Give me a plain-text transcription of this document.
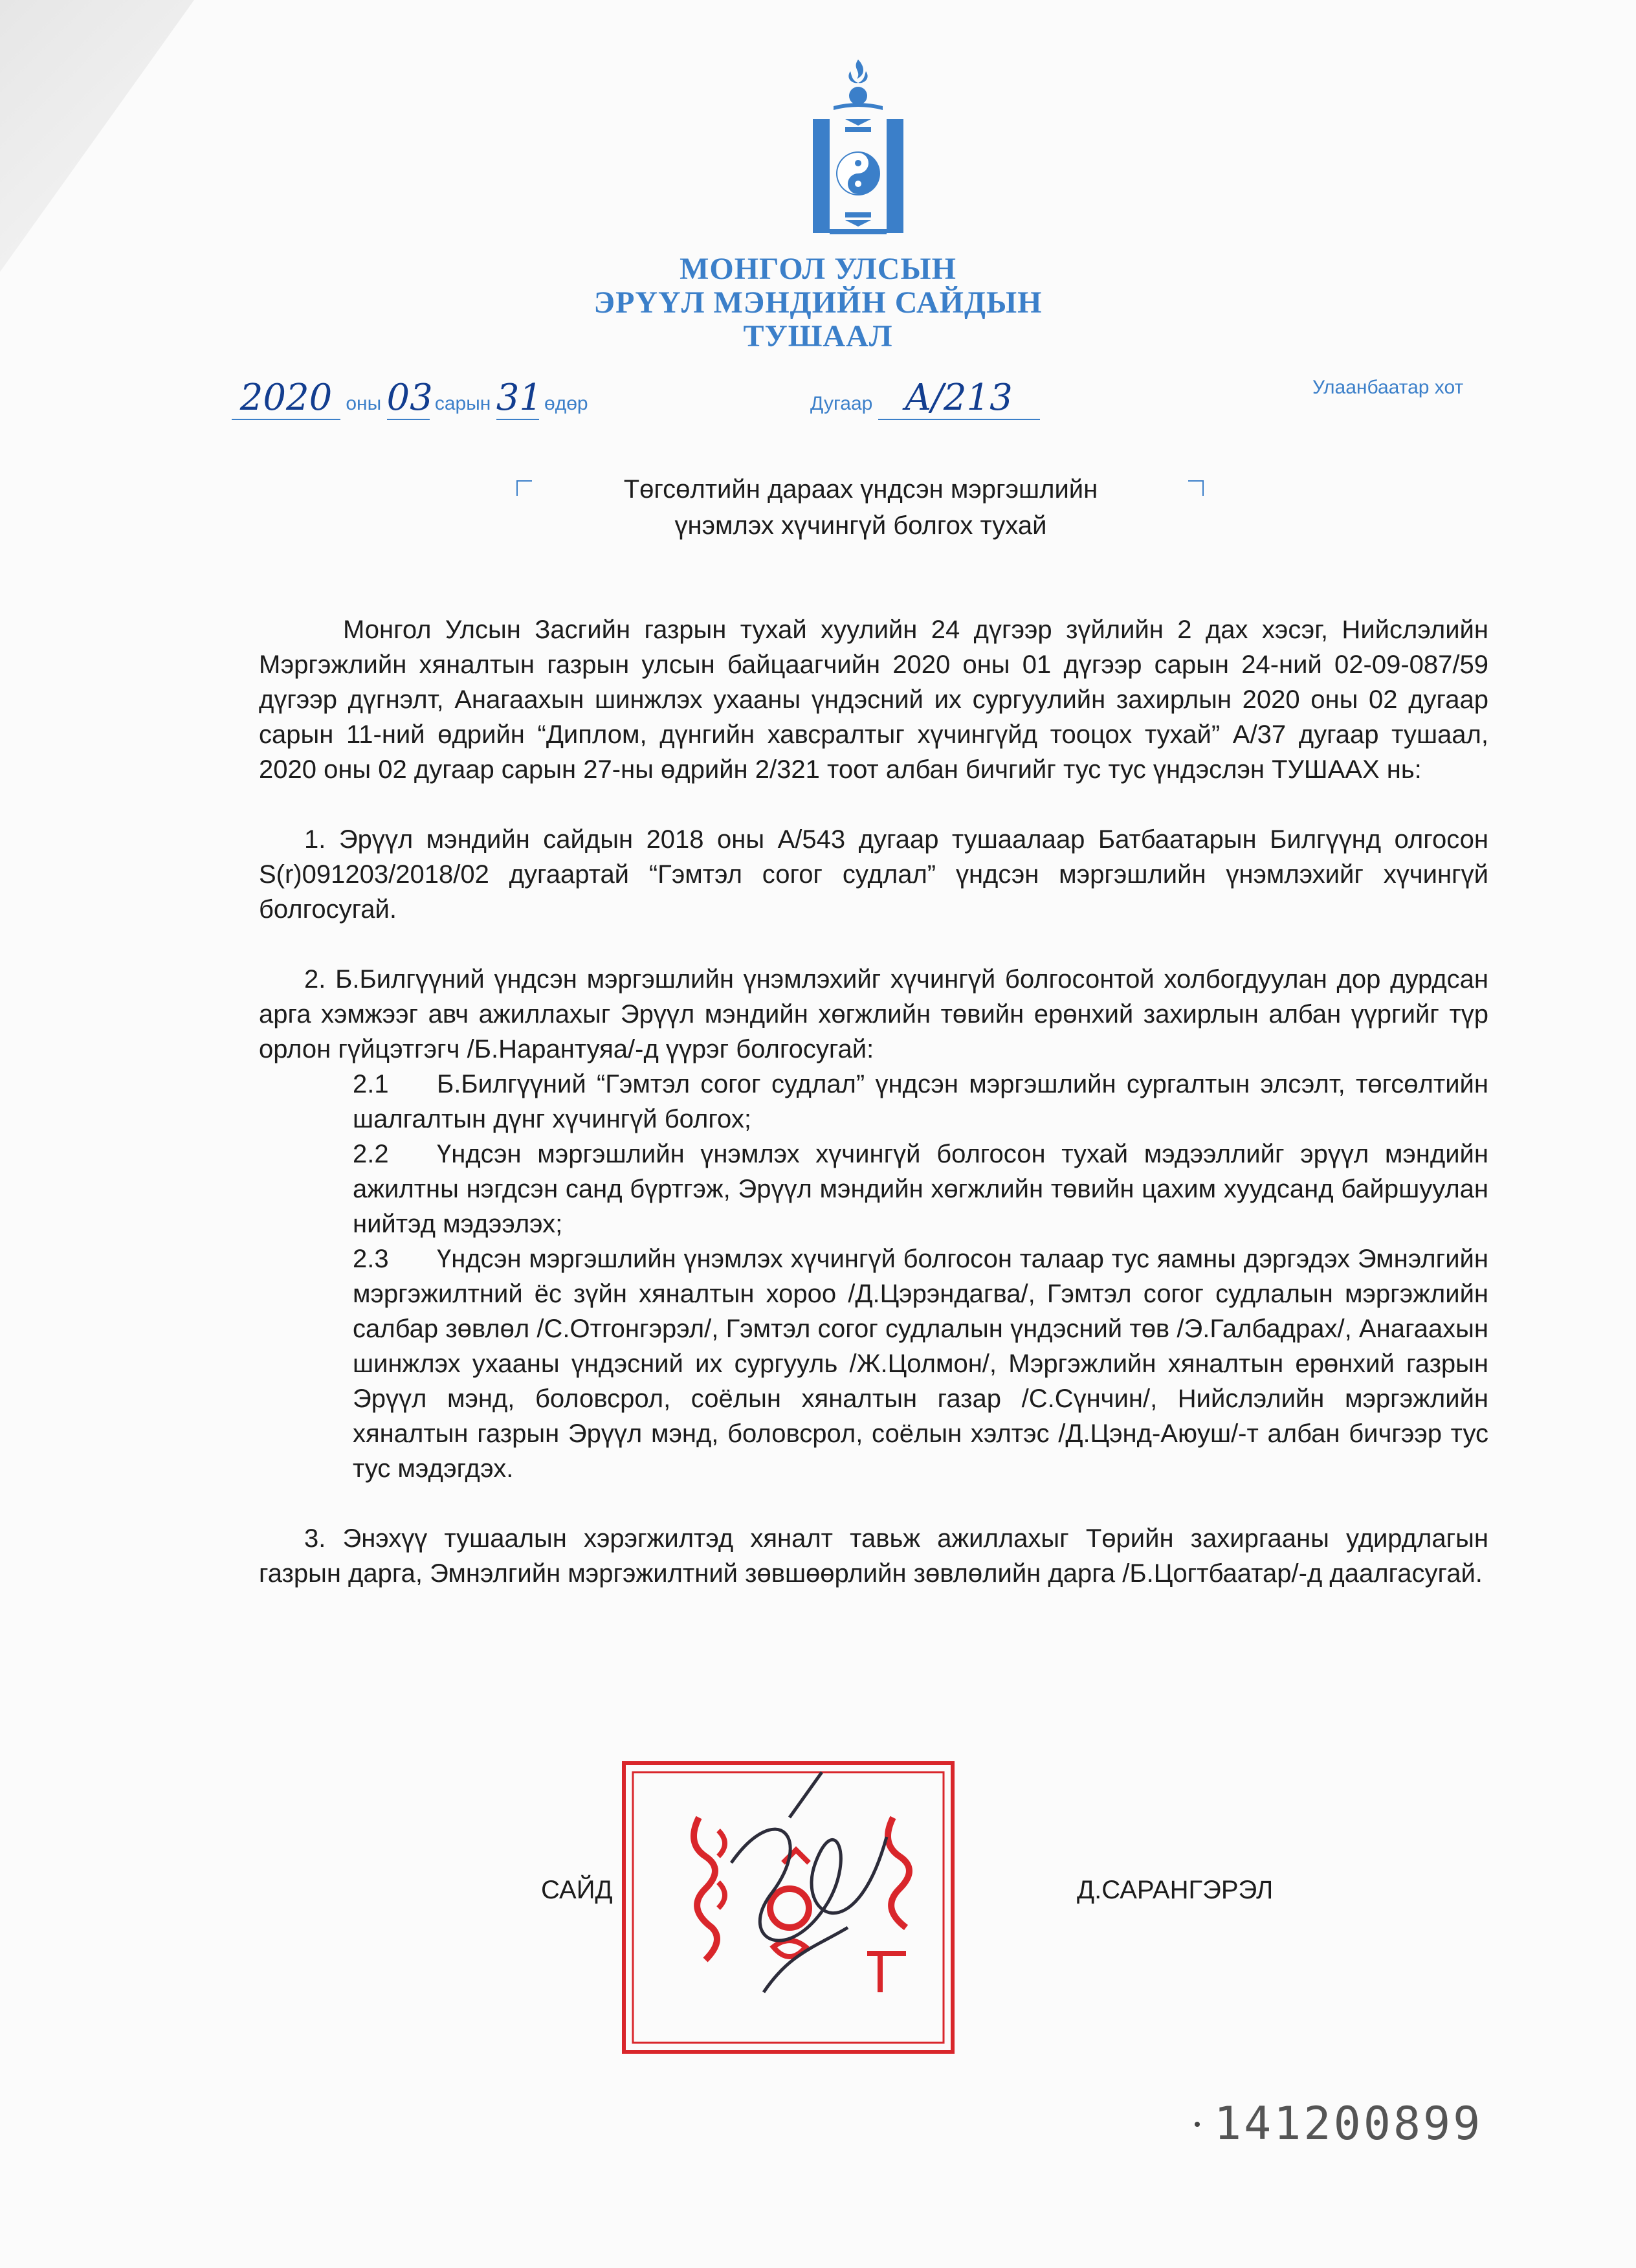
МОНГОЛ УЛСЫН
ЭРҮҮЛ МЭНДИЙН САЙДЫН
ТУШААЛ
2020 оны 03 сарын 31 өдөр	Дугаар A/213	Улаанбаатар хот
Төгсөлтийн дараах үндсэн мэргэшлийн
үнэмлэх хүчингүй болгох тухай

Монгол Улсын Засгийн газрын тухай хуулийн 24 дүгээр зүйлийн 2 дах хэсэг, Нийслэлийн Мэргэжлийн хяналтын газрын улсын байцаагчийн 2020 оны 01 дүгээр сарын 24-ний 02-09-087/59 дүгээр дүгнэлт, Анагаахын шинжлэх ухааны үндэсний их сургуулийн захирлын 2020 оны 02 дугаар сарын 11-ний өдрийн “Диплом, дүнгийн хавсралтыг хүчингүйд тооцох тухай” А/37 дугаар тушаал, 2020 оны 02 дугаар сарын 27-ны өдрийн 2/321 тоот албан бичгийг тус тус үндэслэн ТУШААХ нь:

1. Эрүүл мэндийн сайдын 2018 оны А/543 дугаар тушаалаар Батбаатарын Билгүүнд олгосон S(r)091203/2018/02 дугаартай “Гэмтэл согог судлал” үндсэн мэргэшлийн үнэмлэхийг хүчингүй болгосугай.

2. Б.Билгүүний үндсэн мэргэшлийн үнэмлэхийг хүчингүй болгосонтой холбогдуулан дор дурдсан арга хэмжээг авч ажиллахыг Эрүүл мэндийн хөгжлийн төвийн ерөнхий захирлын албан үүргийг түр орлон гүйцэтгэгч /Б.Нарантуяа/-д үүрэг болгосугай:

2.1 Б.Билгүүний “Гэмтэл согог судлал” үндсэн мэргэшлийн сургалтын элсэлт, төгсөлтийн шалгалтын дүнг хүчингүй болгох;

2.2 Үндсэн мэргэшлийн үнэмлэх хүчингүй болгосон тухай мэдээллийг эрүүл мэндийн ажилтны нэгдсэн санд бүртгэж, Эрүүл мэндийн хөгжлийн төвийн цахим хуудсанд байршуулан нийтэд мэдээлэх;

2.3 Үндсэн мэргэшлийн үнэмлэх хүчингүй болгосон талаар тус яамны дэргэдэх Эмнэлгийн мэргэжилтний ёс зүйн хяналтын хороо /Д.Цэрэндагва/, Гэмтэл согог судлалын мэргэжлийн салбар зөвлөл /С.Отгонгэрэл/, Гэмтэл согог судлалын үндэсний төв /Э.Галбадрах/, Анагаахын шинжлэх ухааны үндэсний их сургууль /Ж.Цолмон/, Мэргэжлийн хяналтын ерөнхий газрын Эрүүл мэнд, боловсрол, соёлын хяналтын газар /С.Сүнчин/, Нийслэлийн мэргэжлийн хяналтын газрын Эрүүл мэнд, боловсрол, соёлын хэлтэс /Д.Цэнд-Аюуш/-т албан бичгээр тус тус мэдэгдэх.

3. Энэхүү тушаалын хэрэгжилтэд хяналт тавьж ажиллахыг Төрийн захиргааны удирдлагын газрын дарга, Эмнэлгийн мэргэжилтний зөвшөөрлийн зөвлөлийн дарга /Б.Цогтбаатар/-д даалгасугай.

САЙД	Д.САРАНГЭРЭЛ
141200899
